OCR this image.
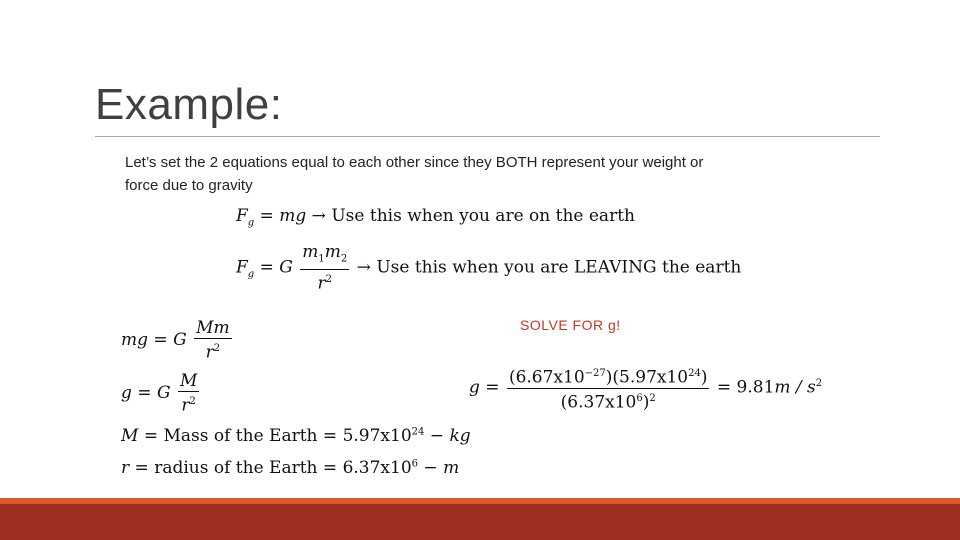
Example:
Let’s set the 2 equations equal to each other since they BOTH represent your weight or force due to gravity
$F_g$ = mg → Use this when you are on the earth
$F_g = G \frac{m_1m_2}{r^2}$ → Use this when you are LEAVING the earth
mg = G $\frac{Mm}{r^2}$
g = G $\frac{M}{r^2}$
M = Mass of the Earth = $5.97x10^{24}$ − kg
r = radius of the Earth = $6.37x10^6 - m$
SOLVE FOR g!
$g = \frac{(6.67x10^{-27})(5.97x10^{24})}{(6.37x10^6)^2} = 9.81m / s^2$
